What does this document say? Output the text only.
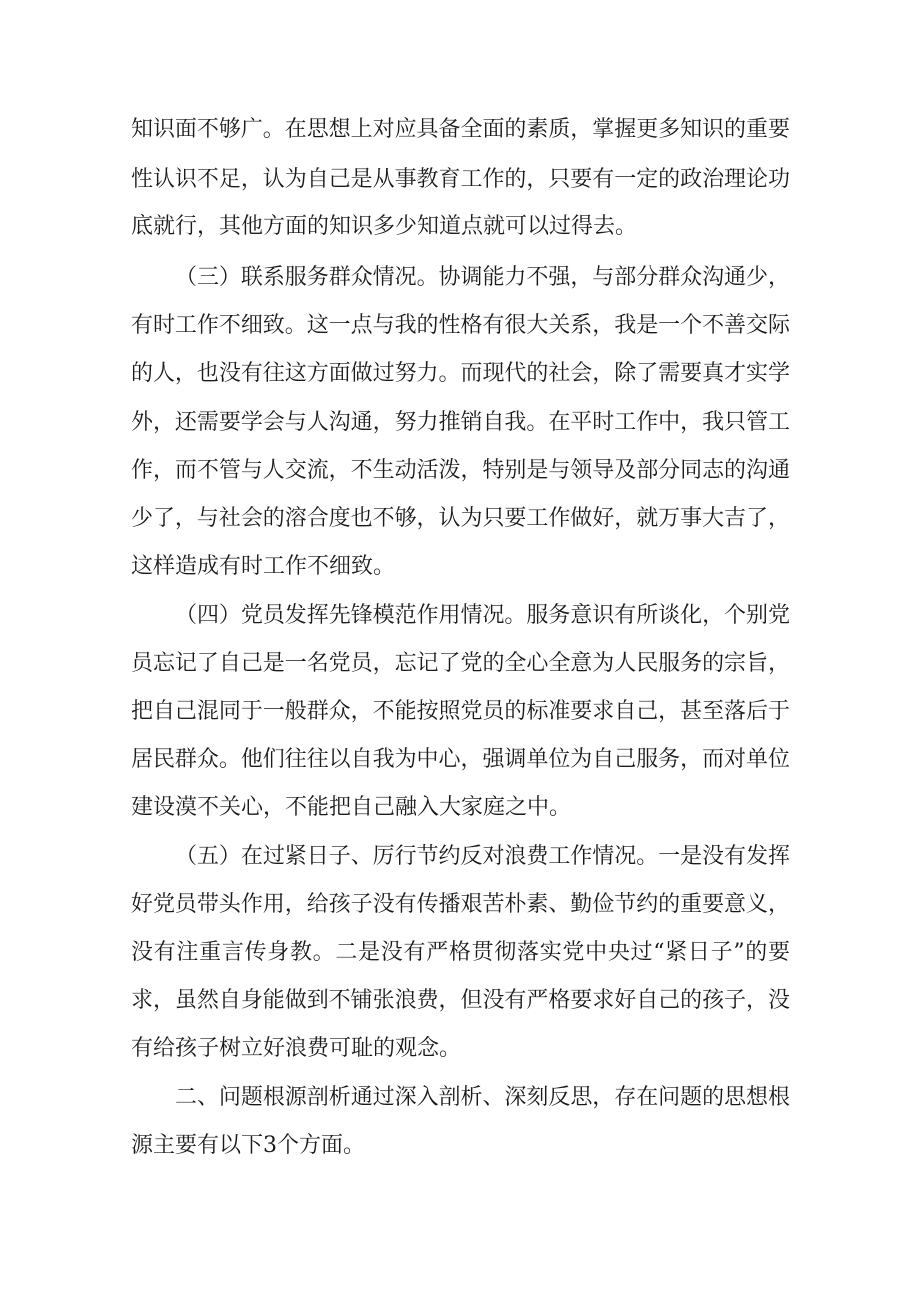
知识面不够广。在思想上对应具备全面的素质，掌握更多知识的重要
性认识不足，认为自己是从事教育工作的，只要有一定的政治理论功
底就行，其他方面的知识多少知道点就可以过得去。
（三）联系服务群众情况。协调能力不强，与部分群众沟通少，
有时工作不细致。这一点与我的性格有很大关系，我是一个不善交际
的人，也没有往这方面做过努力。而现代的社会，除了需要真才实学
外，还需要学会与人沟通，努力推销自我。在平时工作中，我只管工
作，而不管与人交流，不生动活泼，特别是与领导及部分同志的沟通
少了，与社会的溶合度也不够，认为只要工作做好，就万事大吉了，
这样造成有时工作不细致。
（四）党员发挥先锋模范作用情况。服务意识有所谈化，个别党
员忘记了自己是一名党员，忘记了党的全心全意为人民服务的宗旨，
把自己混同于一般群众，不能按照党员的标准要求自己，甚至落后于
居民群众。他们往往以自我为中心，强调单位为自己服务，而对单位
建设漠不关心，不能把自己融入大家庭之中。
（五）在过紧日子、厉行节约反对浪费工作情况。一是没有发挥
好党员带头作用，给孩子没有传播艰苦朴素、勤俭节约的重要意义，
没有注重言传身教。二是没有严格贯彻落实党中央过“紧日子”的要
求，虽然自身能做到不铺张浪费，但没有严格要求好自己的孩子，没
有给孩子树立好浪费可耻的观念。
二、问题根源剖析通过深入剖析、深刻反思，存在问题的思想根
源主要有以下3个方面。
